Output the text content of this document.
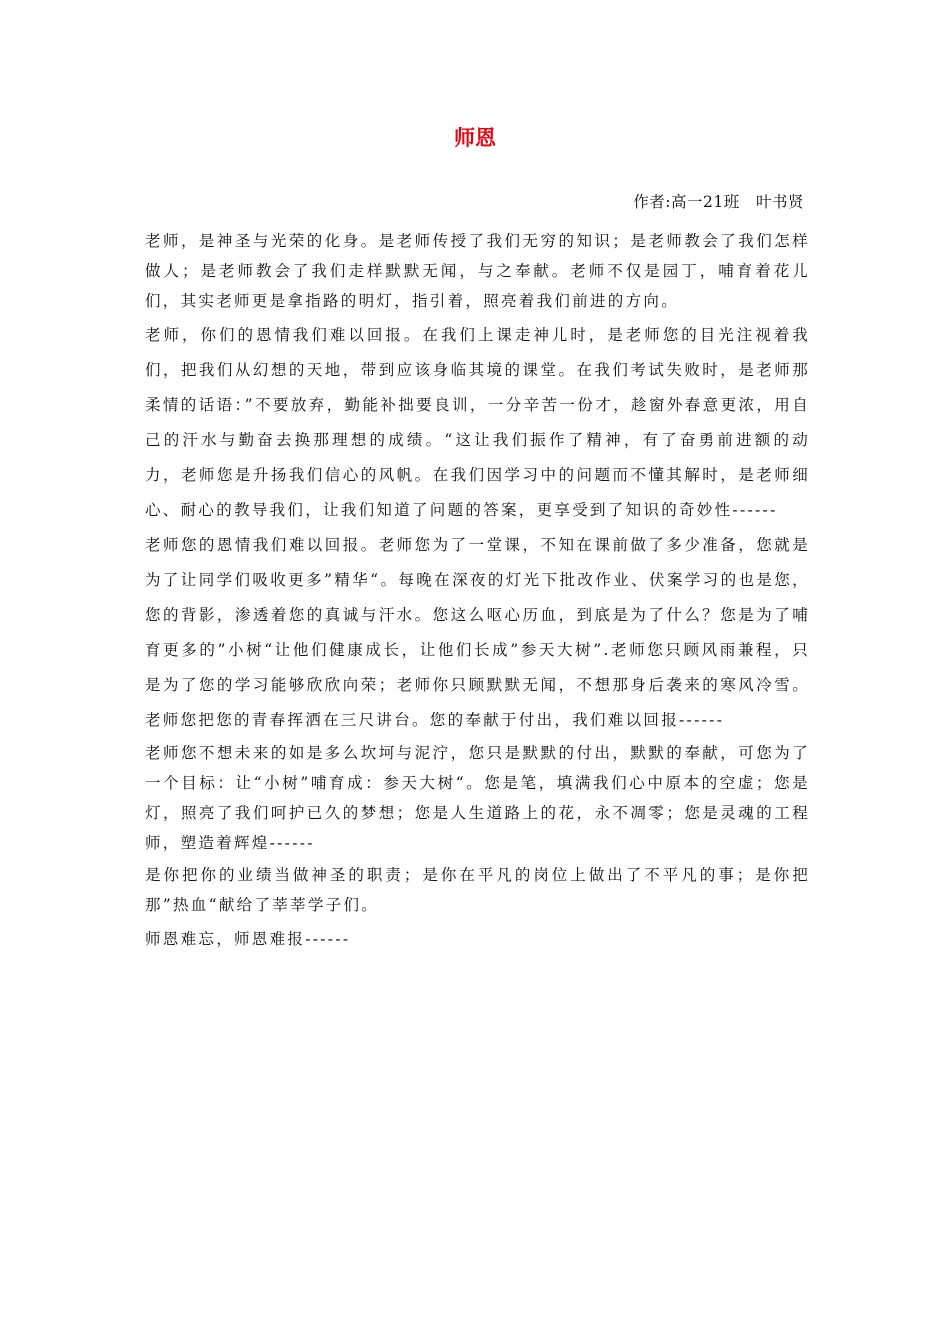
师恩
作者:高一21班   叶书贤

老师，是神圣与光荣的化身。是老师传授了我们无穷的知识；是老师教会了我们怎样做人；是老师教会了我们走样默默无闻，与之奉献。老师不仅是园丁，哺育着花儿们，其实老师更是拿指路的明灯，指引着，照亮着我们前进的方向。

老师，你们的恩情我们难以回报。在我们上课走神儿时，是老师您的目光注视着我们，把我们从幻想的天地，带到应该身临其境的课堂。在我们考试失败时，是老师那柔情的话语：”不要放弃，勤能补拙要良训，一分辛苦一份才，趁窗外春意更浓，用自己的汗水与勤奋去换那理想的成绩。“这让我们振作了精神，有了奋勇前进额的动力，老师您是升扬我们信心的风帆。在我们因学习中的问题而不懂其解时，是老师细心、耐心的教导我们，让我们知道了问题的答案，更享受到了知识的奇妙性------

老师您的恩情我们难以回报。老师您为了一堂课，不知在课前做了多少准备，您就是为了让同学们吸收更多”精华“。每晚在深夜的灯光下批改作业、伏案学习的也是您，您的背影，渗透着您的真诚与汗水。您这么呕心历血，到底是为了什么？您是为了哺育更多的”小树“让他们健康成长，让他们长成”参天大树”.老师您只顾风雨兼程，只是为了您的学习能够欣欣向荣；老师你只顾默默无闻，不想那身后袭来的寒风冷雪。老师您把您的青春挥洒在三尺讲台。您的奉献于付出，我们难以回报------

老师您不想未来的如是多么坎坷与泥泞，您只是默默的付出，默默的奉献，可您为了一个目标：让“小树”哺育成：参天大树“。您是笔，填满我们心中原本的空虚；您是灯，照亮了我们呵护已久的梦想；您是人生道路上的花，永不凋零；您是灵魂的工程师，塑造着辉煌------

是你把你的业绩当做神圣的职责；是你在平凡的岗位上做出了不平凡的事；是你把那”热血“献给了莘莘学子们。

师恩难忘，师恩难报------
